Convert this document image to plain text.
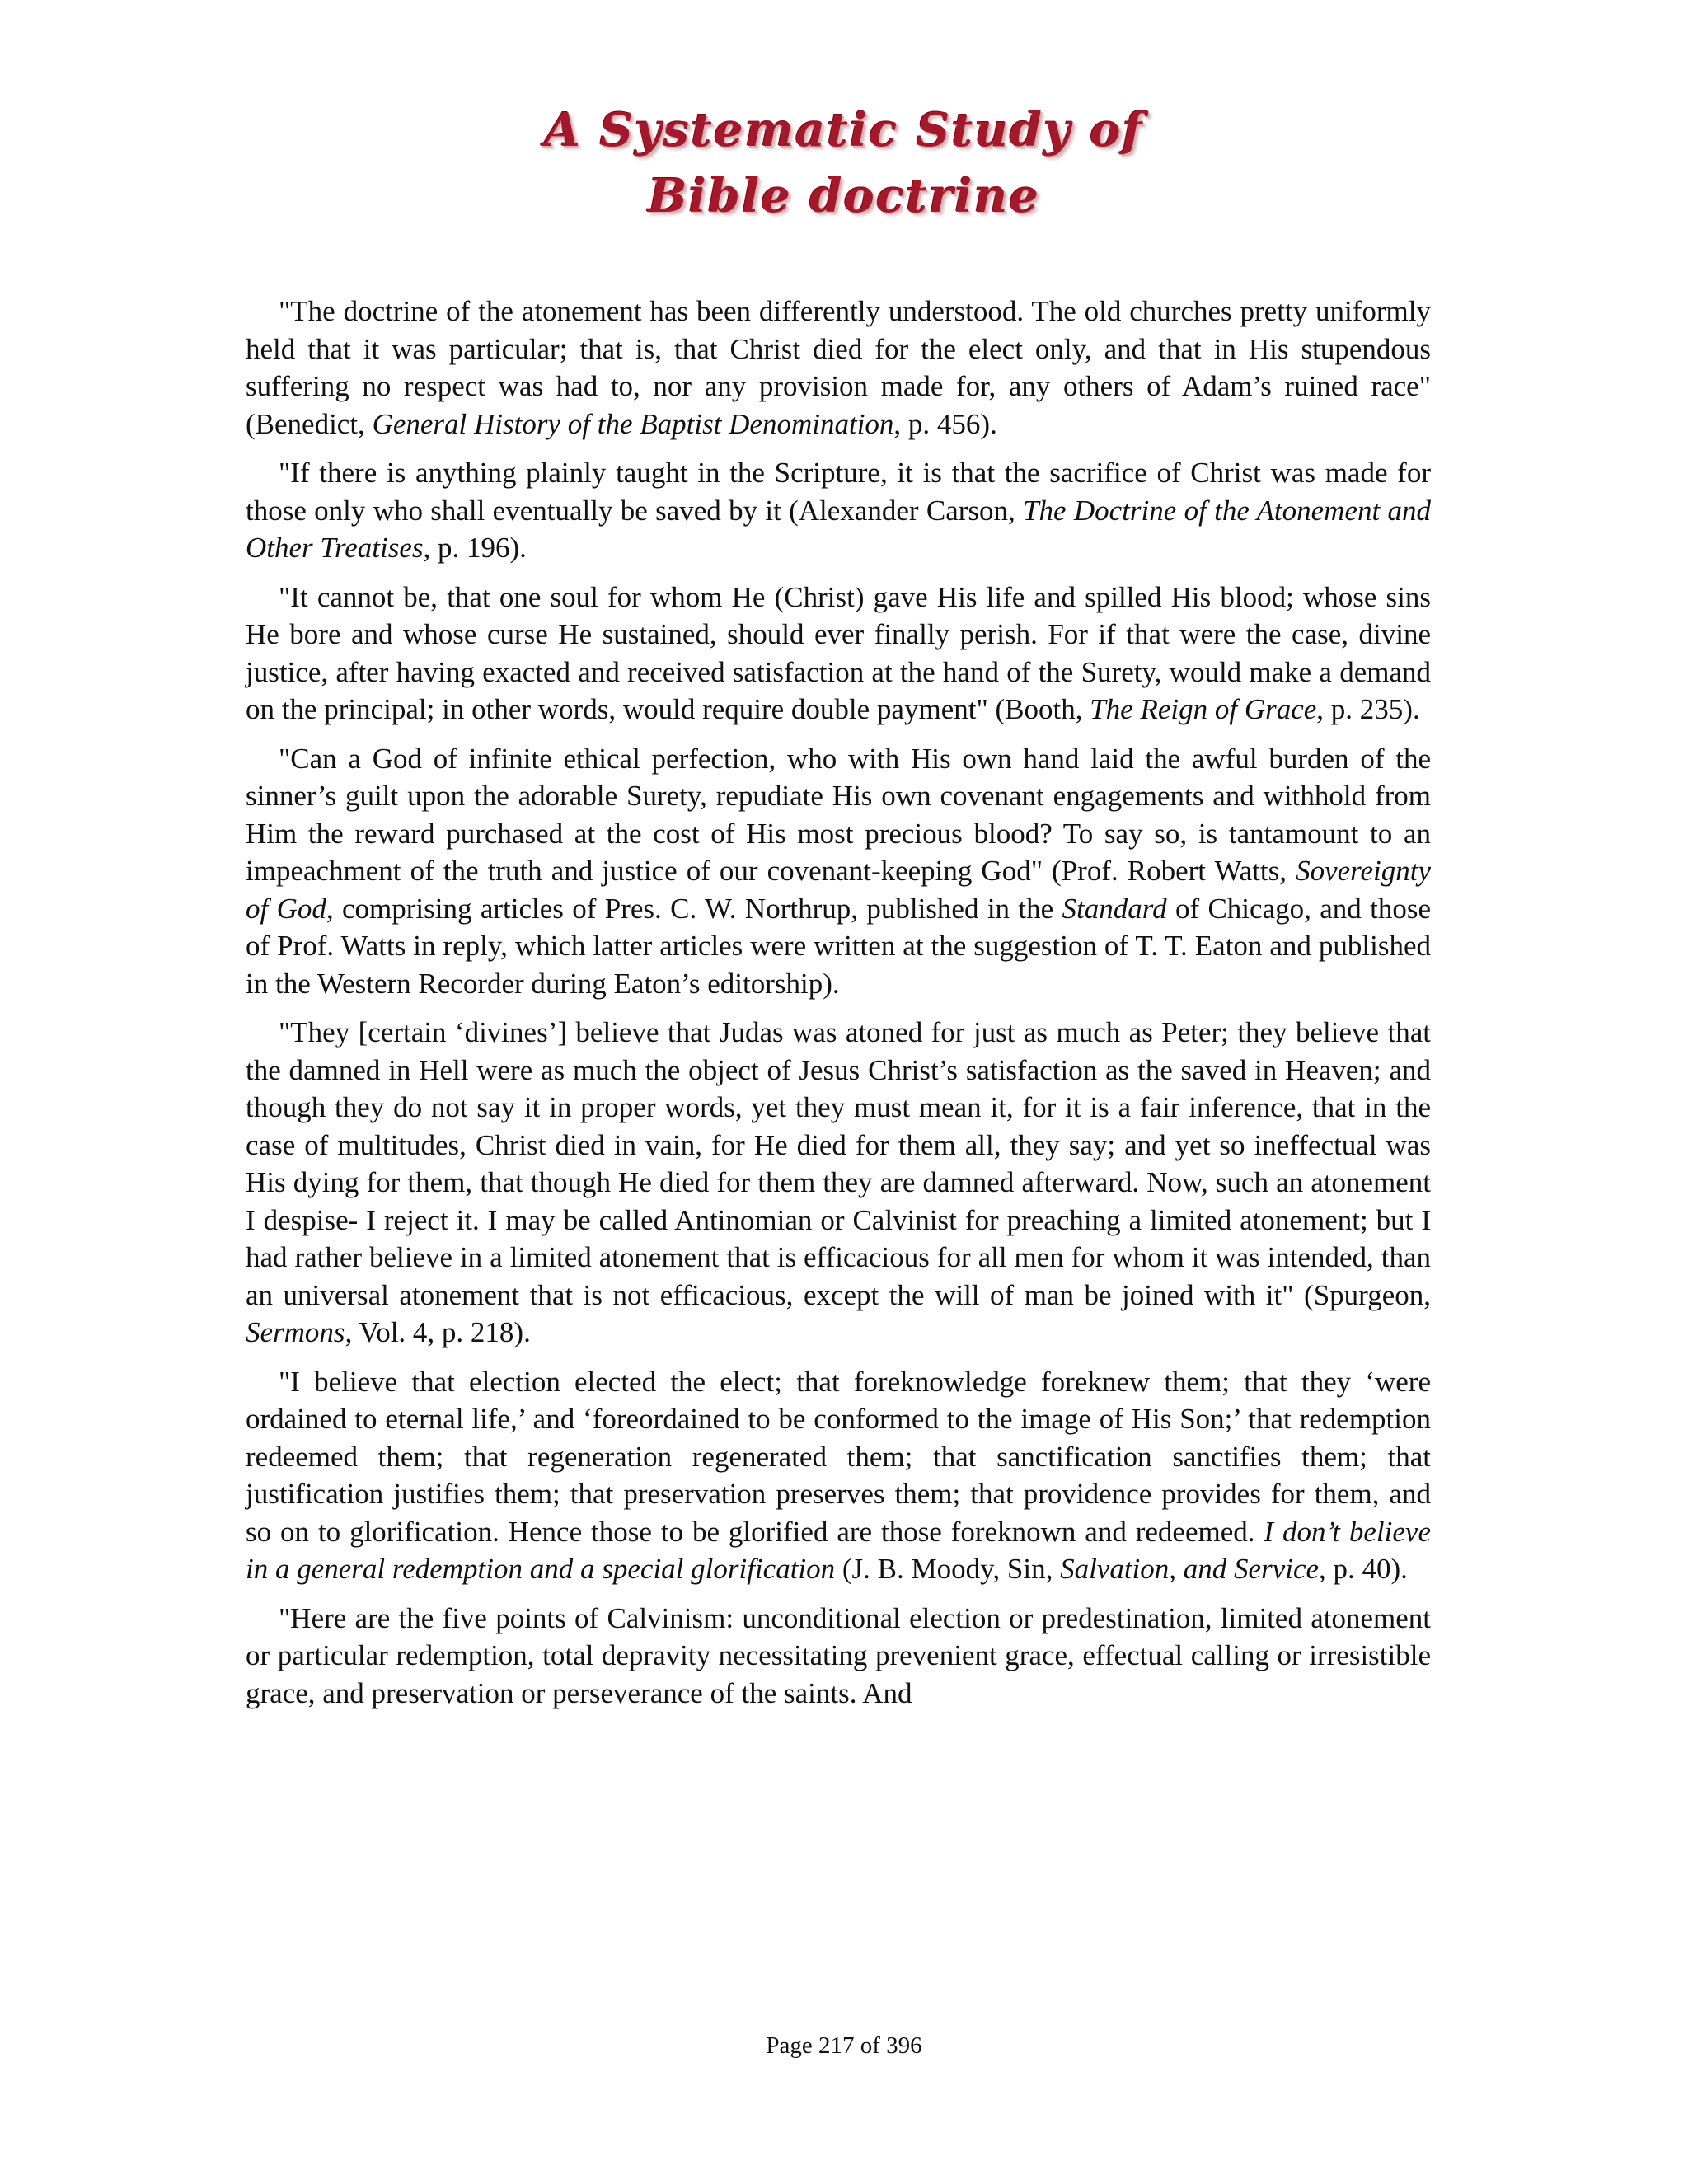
A Systematic Study of
Bible doctrine

"The doctrine of the atonement has been differently understood. The old churches pretty uniformly held that it was particular; that is, that Christ died for the elect only, and that in His stupendous suffering no respect was had to, nor any provision made for, any others of Adam’s ruined race" (Benedict, General History of the Baptist Denomination, p. 456).

"If there is anything plainly taught in the Scripture, it is that the sacrifice of Christ was made for those only who shall eventually be saved by it (Alexander Carson, The Doctrine of the Atonement and Other Treatises, p. 196).

"It cannot be, that one soul for whom He (Christ) gave His life and spilled His blood; whose sins He bore and whose curse He sustained, should ever finally perish. For if that were the case, divine justice, after having exacted and received satisfaction at the hand of the Surety, would make a demand on the principal; in other words, would require double payment" (Booth, The Reign of Grace, p. 235).

"Can a God of infinite ethical perfection, who with His own hand laid the awful burden of the sinner’s guilt upon the adorable Surety, repudiate His own covenant engagements and withhold from Him the reward purchased at the cost of His most precious blood? To say so, is tantamount to an impeachment of the truth and justice of our covenant-keeping God" (Prof. Robert Watts, Sovereignty of God, comprising articles of Pres. C. W. Northrup, published in the Standard of Chicago, and those of Prof. Watts in reply, which latter articles were written at the suggestion of T. T. Eaton and published in the Western Recorder during Eaton’s editorship).

"They [certain ‘divines’] believe that Judas was atoned for just as much as Peter; they believe that the damned in Hell were as much the object of Jesus Christ’s satisfaction as the saved in Heaven; and though they do not say it in proper words, yet they must mean it, for it is a fair inference, that in the case of multitudes, Christ died in vain, for He died for them all, they say; and yet so ineffectual was His dying for them, that though He died for them they are damned afterward. Now, such an atonement I despise- I reject it. I may be called Antinomian or Calvinist for preaching a limited atonement; but I had rather believe in a limited atonement that is efficacious for all men for whom it was intended, than an universal atonement that is not efficacious, except the will of man be joined with it" (Spurgeon, Sermons, Vol. 4, p. 218).

"I believe that election elected the elect; that foreknowledge foreknew them; that they ‘were ordained to eternal life,’ and ‘foreordained to be conformed to the image of His Son;’ that redemption redeemed them; that regeneration regenerated them; that sanctification sanctifies them; that justification justifies them; that preservation preserves them; that providence provides for them, and so on to glorification. Hence those to be glorified are those foreknown and redeemed. I don’t believe in a general redemption and a special glorification (J. B. Moody, Sin, Salvation, and Service, p. 40).

"Here are the five points of Calvinism: unconditional election or predestination, limited atonement or particular redemption, total depravity necessitating prevenient grace, effectual calling or irresistible grace, and preservation or perseverance of the saints. And

Page 217 of 396
